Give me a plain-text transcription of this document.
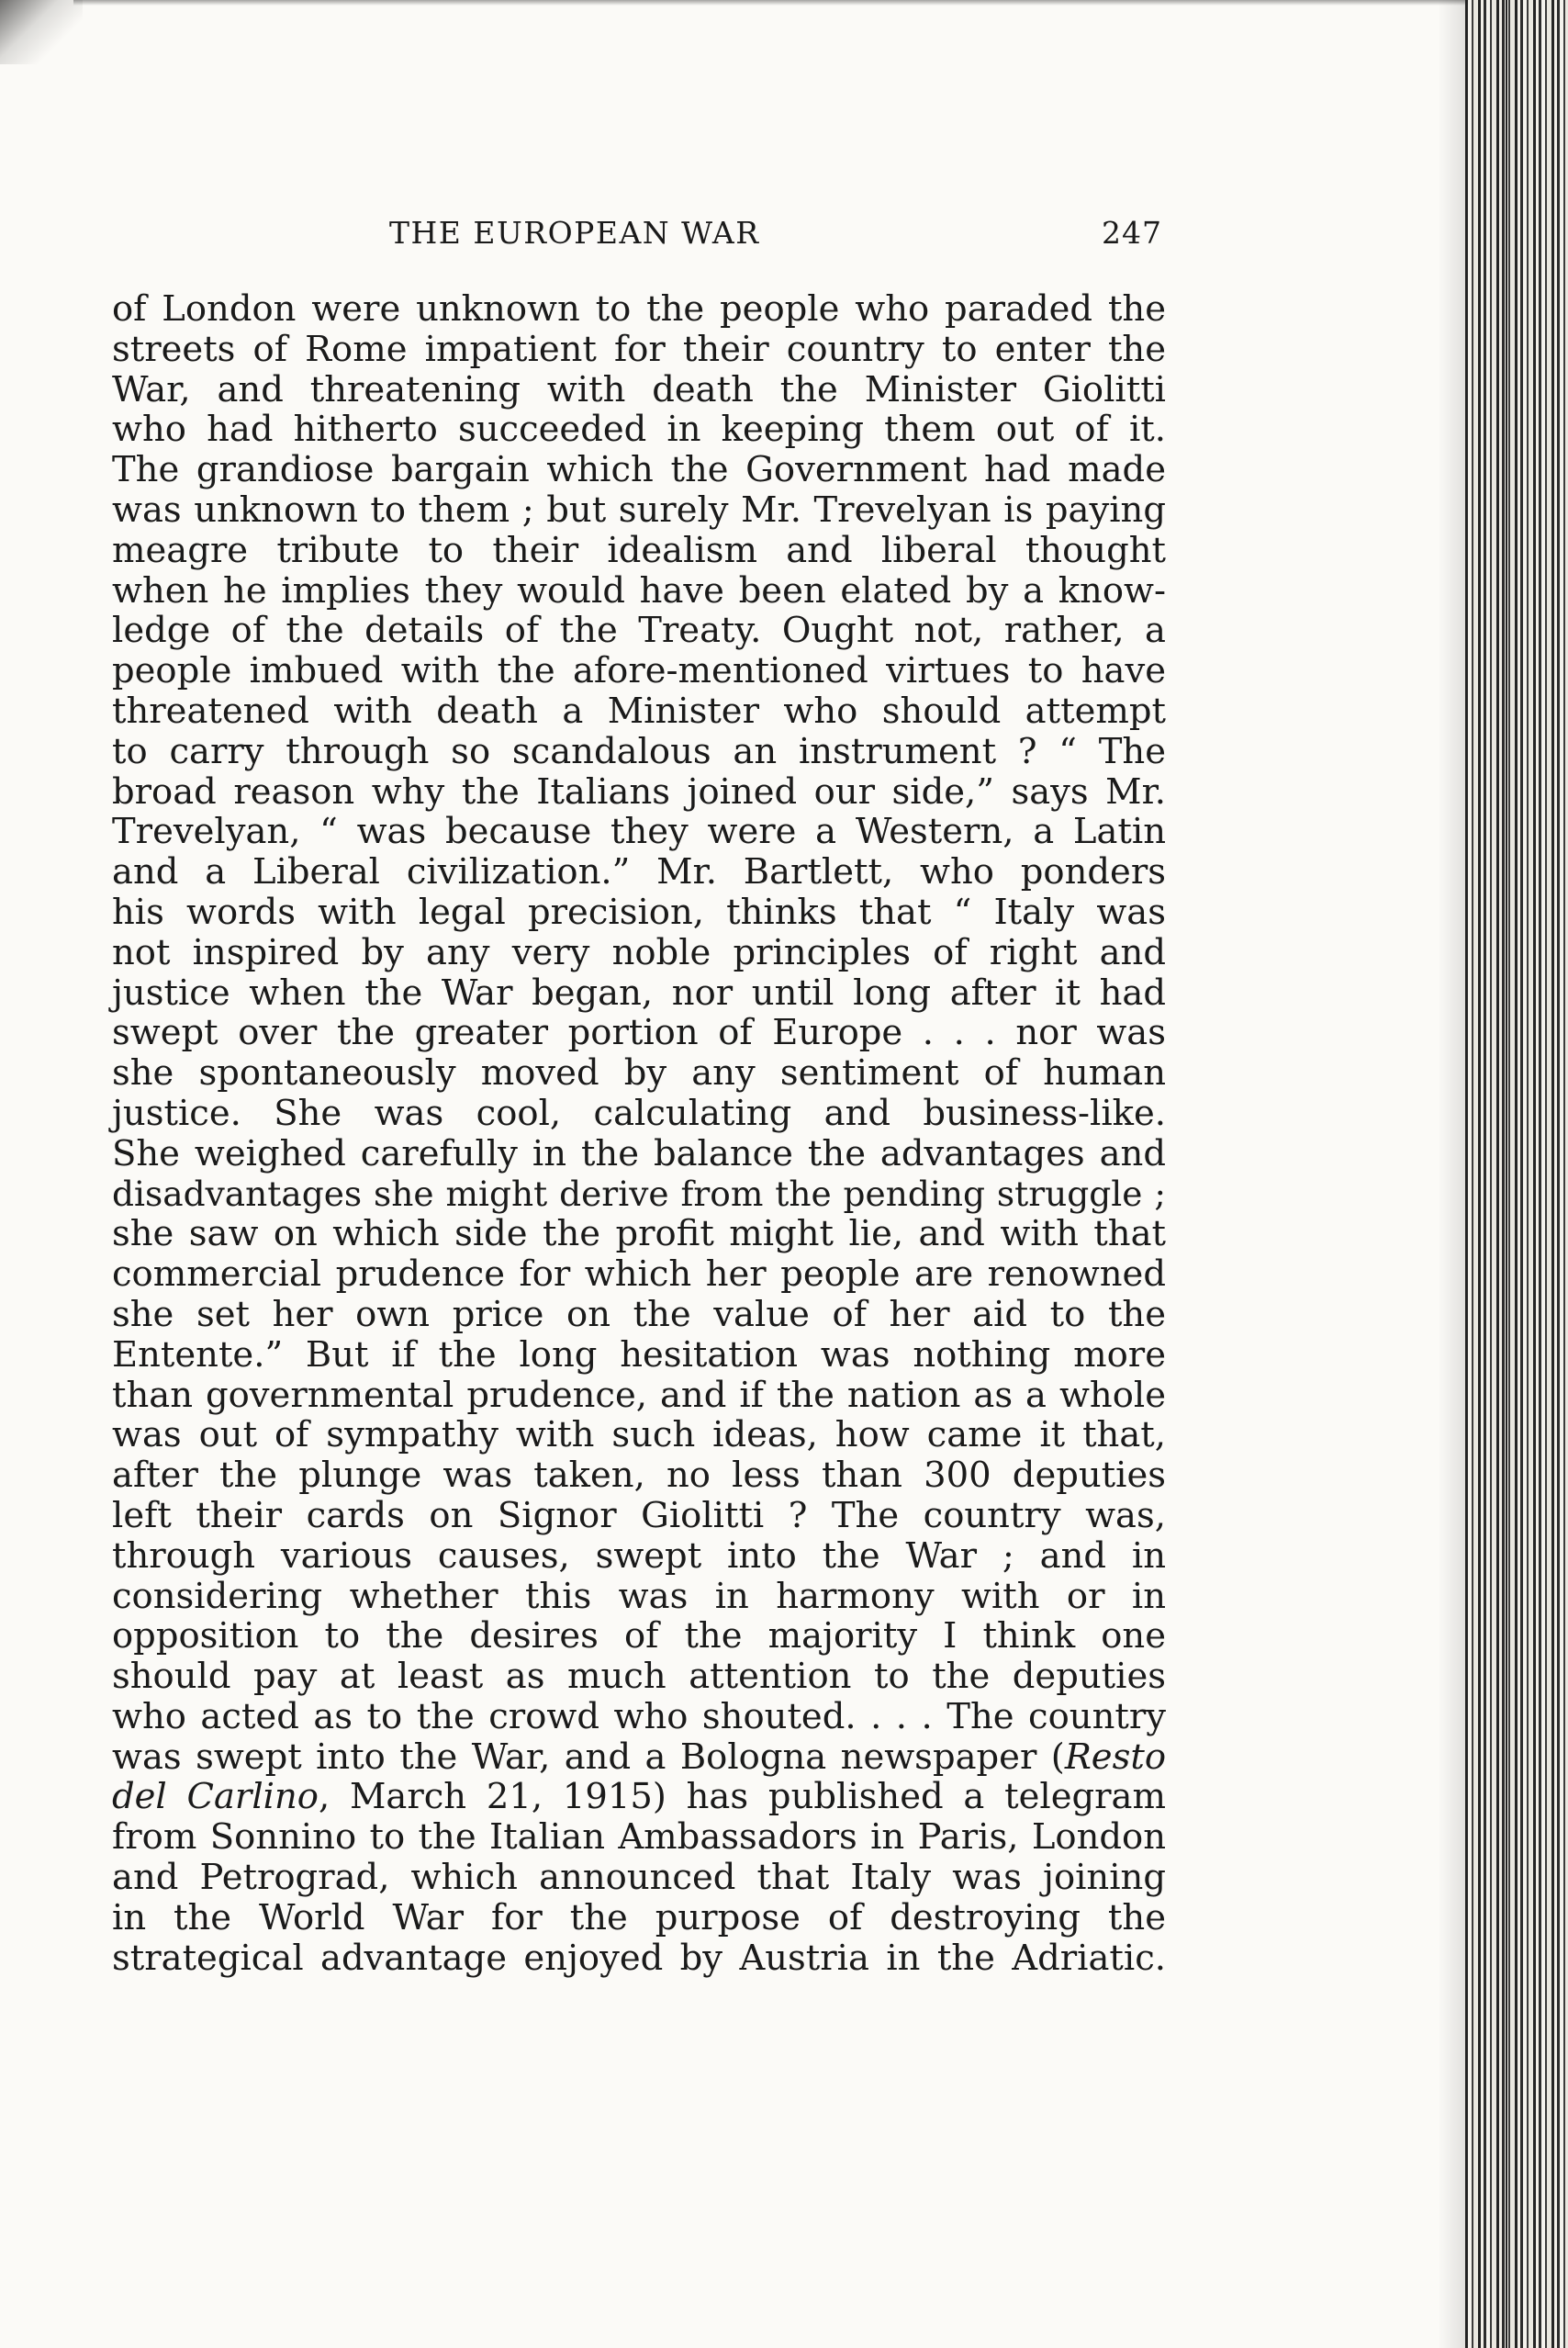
THE EUROPEAN WAR	247
of London were unknown to the people who paraded the
streets of Rome impatient for their country to enter the
War, and threatening with death the Minister Giolitti
who had hitherto succeeded in keeping them out of it.
The grandiose bargain which the Government had made
was unknown to them ; but surely Mr. Trevelyan is paying
meagre tribute to their idealism and liberal thought
when he implies they would have been elated by a know-
ledge of the details of the Treaty. Ought not, rather, a
people imbued with the afore-mentioned virtues to have
threatened with death a Minister who should attempt
to carry through so scandalous an instrument ? “ The
broad reason why the Italians joined our side,” says Mr.
Trevelyan, “ was because they were a Western, a Latin
and a Liberal civilization.” Mr. Bartlett, who ponders
his words with legal precision, thinks that “ Italy was
not inspired by any very noble principles of right and
justice when the War began, nor until long after it had
swept over the greater portion of Europe . . . nor was
she spontaneously moved by any sentiment of human
justice. She was cool, calculating and business-like.
She weighed carefully in the balance the advantages and
disadvantages she might derive from the pending struggle ;
she saw on which side the profit might lie, and with that
commercial prudence for which her people are renowned
she set her own price on the value of her aid to the
Entente.” But if the long hesitation was nothing more
than governmental prudence, and if the nation as a whole
was out of sympathy with such ideas, how came it that,
after the plunge was taken, no less than 300 deputies
left their cards on Signor Giolitti ? The country was,
through various causes, swept into the War ; and in
considering whether this was in harmony with or in
opposition to the desires of the majority I think one
should pay at least as much attention to the deputies
who acted as to the crowd who shouted. . . . The country
was swept into the War, and a Bologna newspaper (Resto
del Carlino, March 21, 1915) has published a telegram
from Sonnino to the Italian Ambassadors in Paris, London
and Petrograd, which announced that Italy was joining
in the World War for the purpose of destroying the
strategical advantage enjoyed by Austria in the Adriatic.
